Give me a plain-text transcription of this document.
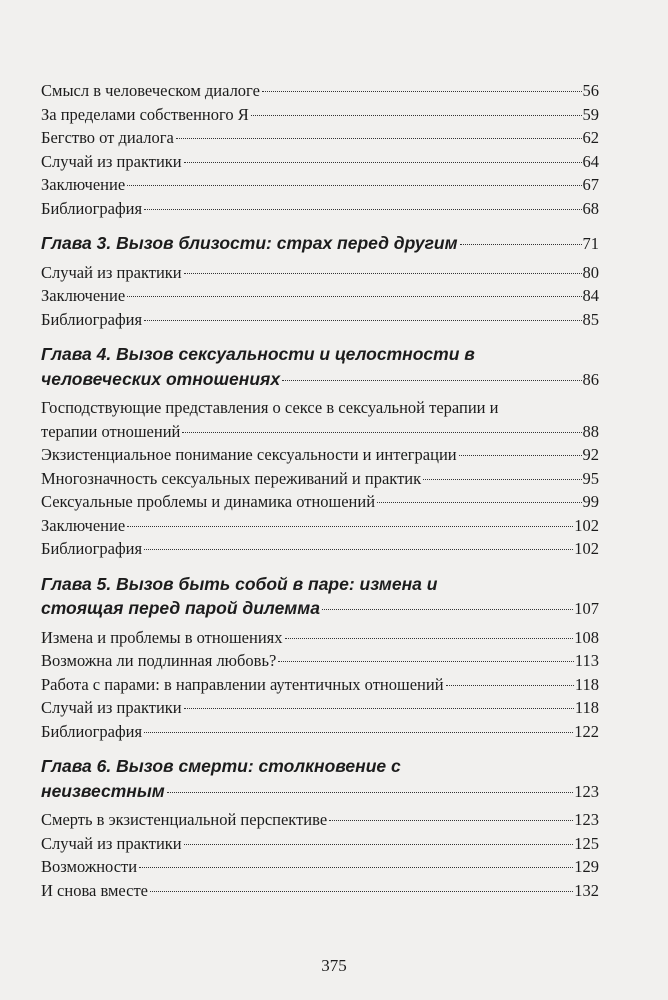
Смысл в человеческом диалоге	56
За пределами собственного Я	59
Бегство от диалога	62
Случай из практики	64
Заключение	67
Библиография	68
Глава 3. Вызов близости: страх перед другим	71
Случай из практики	80
Заключение	84
Библиография	85
Глава 4. Вызов сексуальности и целостности в
человеческих отношениях	86
Господствующие представления о сексе в сексуальной терапии и
терапии отношений	88
Экзистенциальное понимание сексуальности и интеграции	92
Многозначность сексуальных переживаний и практик	95
Сексуальные проблемы и динамика отношений	99
Заключение	102
Библиография	102
Глава 5. Вызов быть собой в паре: измена и
стоящая перед парой дилемма	107
Измена и проблемы в отношениях	108
Возможна ли подлинная любовь?	113
Работа с парами: в направлении аутентичных отношений	118
Случай из практики	118
Библиография	122
Глава 6. Вызов смерти: столкновение с
неизвестным	123
Смерть в экзистенциальной перспективе	123
Случай из практики	125
Возможности	129
И снова вместе	132
375
